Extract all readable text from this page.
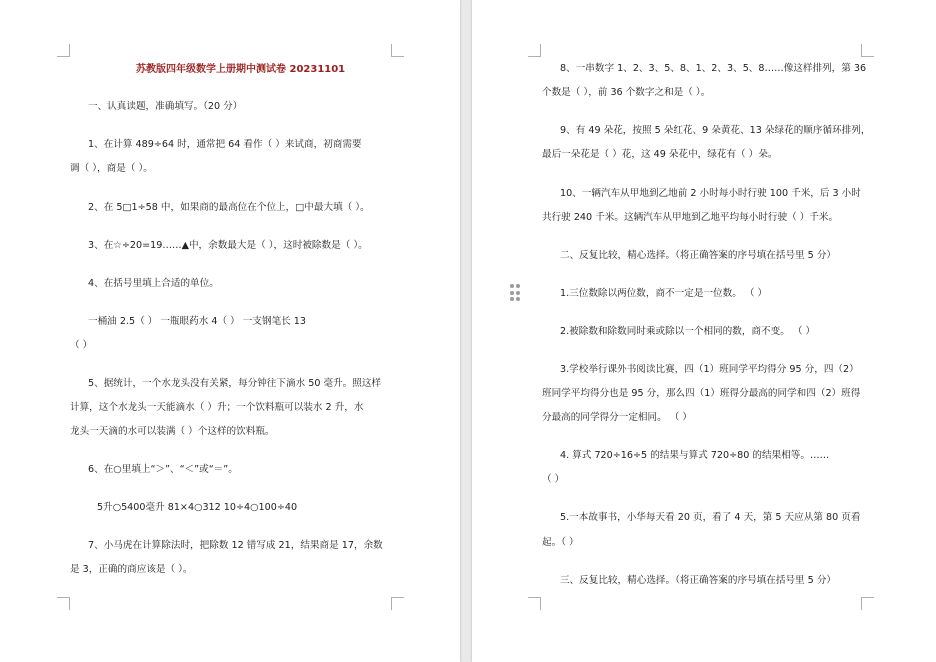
苏教版四年级数学上册期中测试卷 20231101
一、认真读题，准确填写。（20 分）
1、在计算 489÷64 时，通常把 64 看作（ ）来试商，初商需要
调（ ），商是（ ）。
2、在 5□1÷58 中，如果商的最高位在个位上，□中最大填（ ）。
3、在☆÷20=19……▲中，余数最大是（ ），这时被除数是（ ）。
4、在括号里填上合适的单位。
一桶油 2.5（ ） 一瓶眼药水 4（ ） 一支钢笔长 13
（ ）
5、据统计，一个水龙头没有关紧，每分钟往下滴水 50 毫升。照这样
计算，这个水龙头一天能滴水（ ）升；一个饮料瓶可以装水 2 升，水
龙头一天滴的水可以装满（ ）个这样的饮料瓶。
6、在○里填上“＞”、“＜”或“＝”。
5升○5400毫升 81×4○312 10÷4○100÷40
7、小马虎在计算除法时，把除数 12 错写成 21，结果商是 17，余数
是 3，正确的商应该是（ ）。
8、一串数字 1、2、3、5、8、1、2、3、5、8……像这样排列，第 36
个数是（ ），前 36 个数字之和是（ ）。
9、有 49 朵花，按照 5 朵红花、9 朵黄花、13 朵绿花的顺序循环排列，
最后一朵花是（ ）花，这 49 朵花中，绿花有（ ）朵。
10、一辆汽车从甲地到乙地前 2 小时每小时行驶 100 千米，后 3 小时
共行驶 240 千米。这辆汽车从甲地到乙地平均每小时行驶（ ）千米。
二、反复比较，精心选择。（将正确答案的序号填在括号里 5 分）
1.三位数除以两位数，商不一定是一位数。 （ ）
2.被除数和除数同时乘或除以一个相同的数，商不变。 （ ）
3.学校举行课外书阅读比赛，四（1）班同学平均得分 95 分，四（2）
班同学平均得分也是 95 分，那么四（1）班得分最高的同学和四（2）班得
分最高的同学得分一定相同。 （ ）
4. 算式 720÷16÷5 的结果与算式 720÷80 的结果相等。……
（ ）
5.一本故事书，小华每天看 20 页，看了 4 天，第 5 天应从第 80 页看
起。（ ）
三、反复比较，精心选择。（将正确答案的序号填在括号里 5 分）
